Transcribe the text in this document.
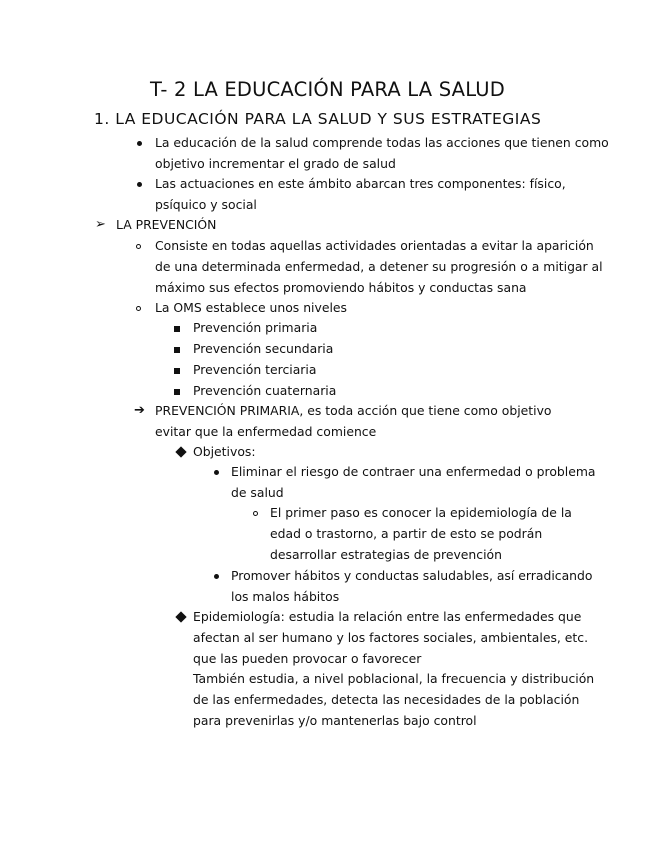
T- 2 LA EDUCACIÓN PARA LA SALUD
1. LA EDUCACIÓN PARA LA SALUD Y SUS ESTRATEGIAS
La educación de la salud comprende todas las acciones que tienen como
objetivo incrementar el grado de salud
Las actuaciones en este ámbito abarcan tres componentes: físico,
psíquico y social
➢ LA PREVENCIÓN
Consiste en todas aquellas actividades orientadas a evitar la aparición
de una determinada enfermedad, a detener su progresión o a mitigar al
máximo sus efectos promoviendo hábitos y conductas sana
La OMS establece unos niveles
Prevención primaria
Prevención secundaria
Prevención terciaria
Prevención cuaternaria
➔ PREVENCIÓN PRIMARIA, es toda acción que tiene como objetivo
evitar que la enfermedad comience
Objetivos:
Eliminar el riesgo de contraer una enfermedad o problema
de salud
El primer paso es conocer la epidemiología de la
edad o trastorno, a partir de esto se podrán
desarrollar estrategias de prevención
Promover hábitos y conductas saludables, así erradicando
los malos hábitos
Epidemiología: estudia la relación entre las enfermedades que
afectan al ser humano y los factores sociales, ambientales, etc.
que las pueden provocar o favorecer
También estudia, a nivel poblacional, la frecuencia y distribución
de las enfermedades, detecta las necesidades de la población
para prevenirlas y/o mantenerlas bajo control
